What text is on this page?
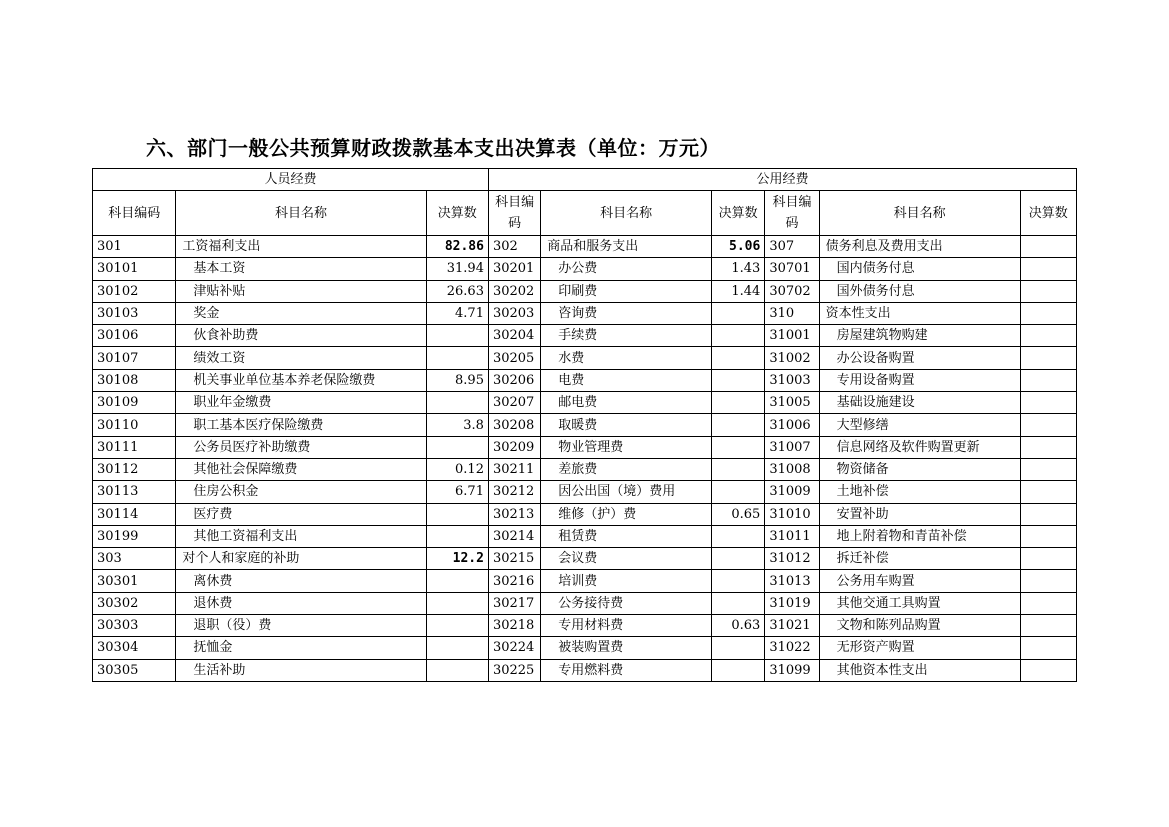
六、部门一般公共预算财政拨款基本支出决算表（单位：万元）
人员经费			公用经费					
科目编码	科目名称	决算数	科目编码	科目名称	决算数	科目编码	科目名称	决算数
301	工资福利支出	82.86	302	商品和服务支出	5.06	307	债务利息及费用支出	
30101	基本工资	31.94	30201	办公费	1.43	30701	国内债务付息	
30102	津贴补贴	26.63	30202	印刷费	1.44	30702	国外债务付息	
30103	奖金	4.71	30203	咨询费		310	资本性支出	
30106	伙食补助费		30204	手续费		31001	房屋建筑物购建	
30107	绩效工资		30205	水费		31002	办公设备购置	
30108	机关事业单位基本养老保险缴费	8.95	30206	电费		31003	专用设备购置	
30109	职业年金缴费		30207	邮电费		31005	基础设施建设	
30110	职工基本医疗保险缴费	3.8	30208	取暖费		31006	大型修缮	
30111	公务员医疗补助缴费		30209	物业管理费		31007	信息网络及软件购置更新	
30112	其他社会保障缴费	0.12	30211	差旅费		31008	物资储备	
30113	住房公积金	6.71	30212	因公出国（境）费用		31009	土地补偿	
30114	医疗费		30213	维修（护）费	0.65	31010	安置补助	
30199	其他工资福利支出		30214	租赁费		31011	地上附着物和青苗补偿	
303	对个人和家庭的补助	12.2	30215	会议费		31012	拆迁补偿	
30301	离休费		30216	培训费		31013	公务用车购置	
30302	退休费		30217	公务接待费		31019	其他交通工具购置	
30303	退职（役）费		30218	专用材料费	0.63	31021	文物和陈列品购置	
30304	抚恤金		30224	被装购置费		31022	无形资产购置	
30305	生活补助		30225	专用燃料费		31099	其他资本性支出	
